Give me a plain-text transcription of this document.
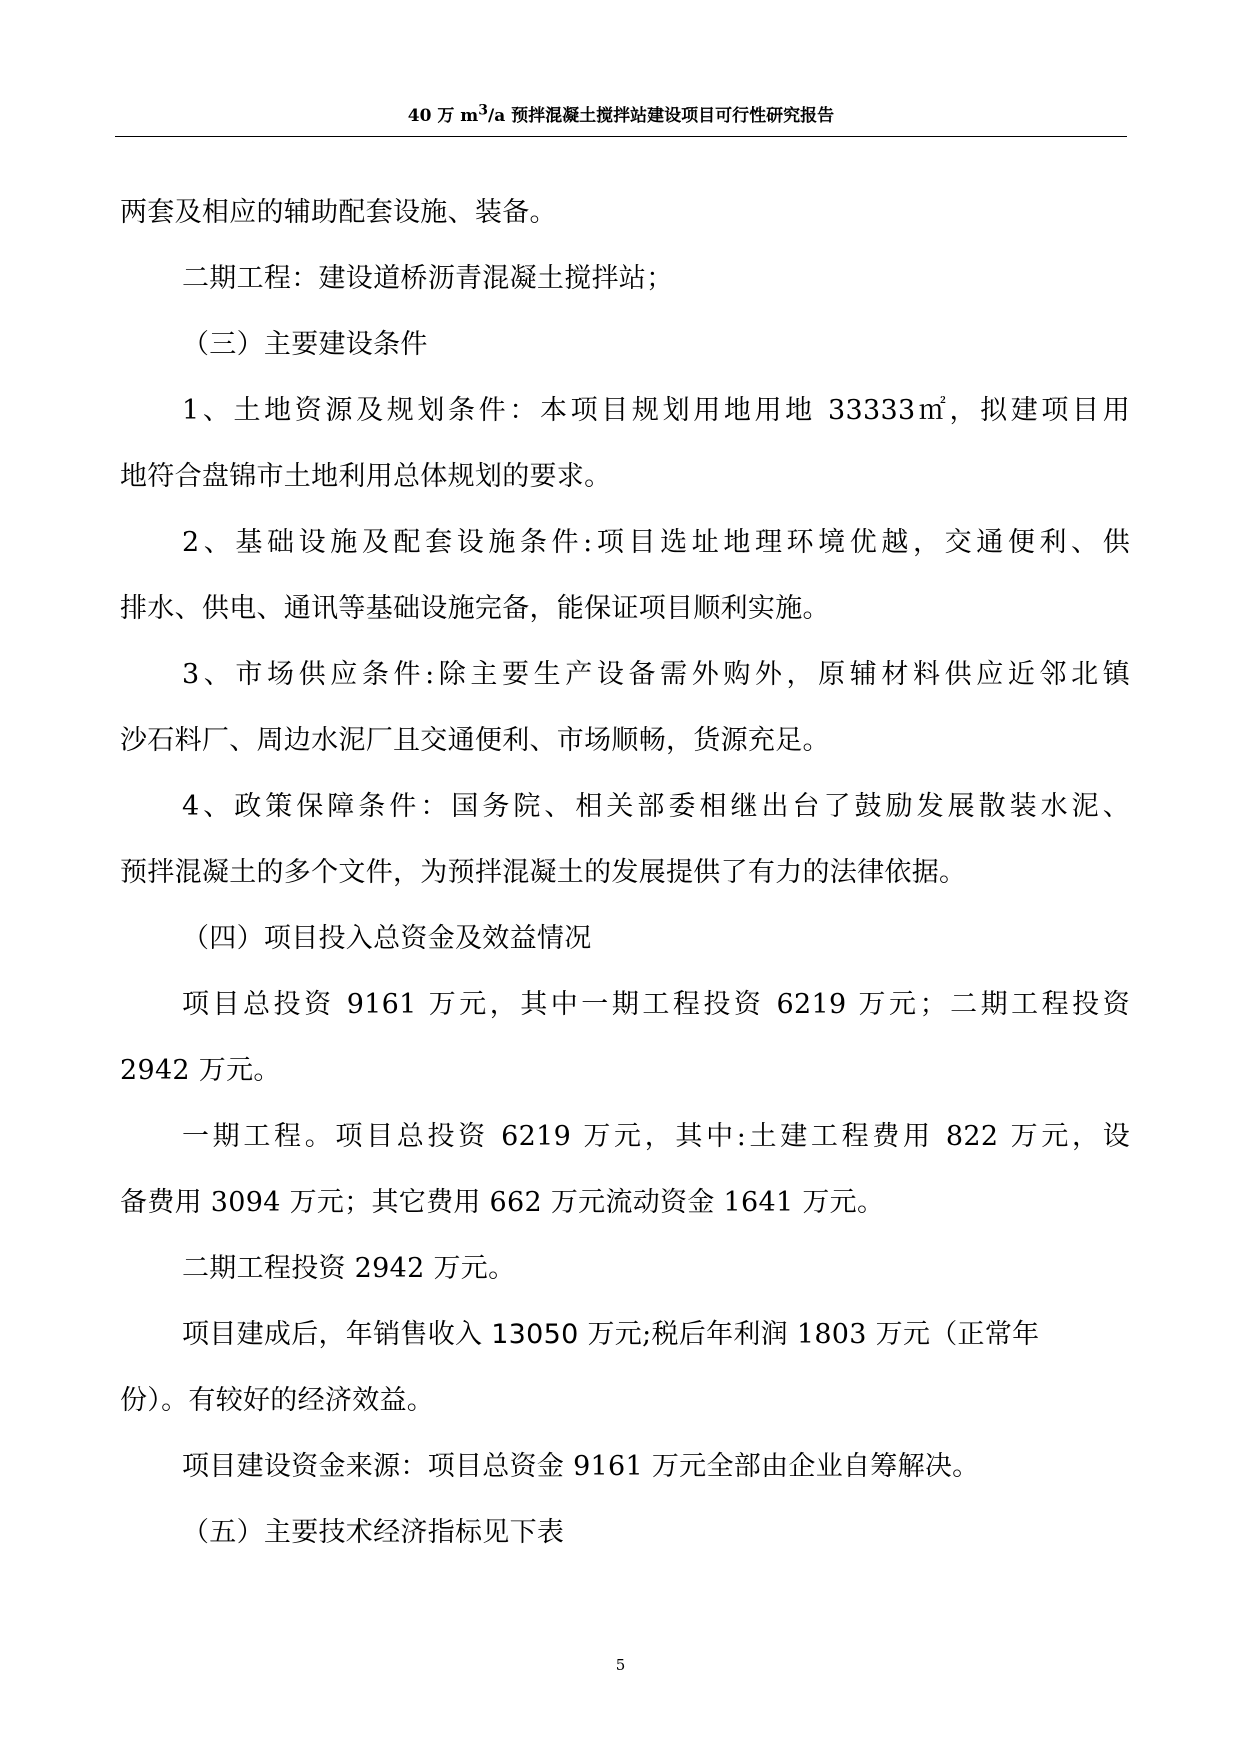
40 万 $m^3/a$ 预拌混凝土搅拌站建设项目可行性研究报告
两套及相应的辅助配套设施、装备。
二期工程：建设道桥沥青混凝土搅拌站；
（三）主要建设条件
1、土地资源及规划条件：本项目规划用地用地 33333㎡，拟建项目用
地符合盘锦市土地利用总体规划的要求。
2、基础设施及配套设施条件:项目选址地理环境优越，交通便利、供
排水、供电、通讯等基础设施完备，能保证项目顺利实施。
3、市场供应条件:除主要生产设备需外购外，原辅材料供应近邻北镇
沙石料厂、周边水泥厂且交通便利、市场顺畅，货源充足。
4、政策保障条件：国务院、相关部委相继出台了鼓励发展散装水泥、
预拌混凝土的多个文件，为预拌混凝土的发展提供了有力的法律依据。
（四）项目投入总资金及效益情况
项目总投资 9161 万元，其中一期工程投资 6219 万元；二期工程投资
2942 万元。
一期工程。项目总投资 6219 万元，其中:土建工程费用 822 万元，设
备费用 3094 万元；其它费用 662 万元流动资金 1641 万元。
二期工程投资 2942 万元。
项目建成后，年销售收入 13050 万元;税后年利润 1803 万元（正常年
份）。有较好的经济效益。
项目建设资金来源：项目总资金 9161 万元全部由企业自筹解决。
（五）主要技术经济指标见下表
5
